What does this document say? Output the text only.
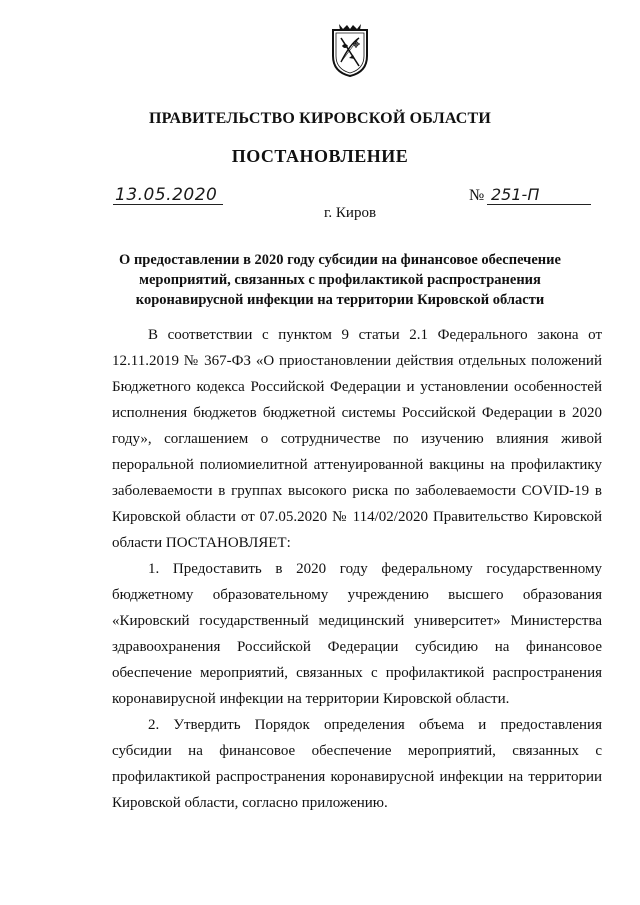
ПРАВИТЕЛЬСТВО КИРОВСКОЙ ОБЛАСТИ
ПОСТАНОВЛЕНИЕ
13.05.2020	№ 251-П
г. Киров
О предоставлении в 2020 году субсидии на финансовое обеспечение мероприятий, связанных с профилактикой распространения коронавирусной инфекции на территории Кировской области

В соответствии с пунктом 9 статьи 2.1 Федерального закона от 12.11.2019 № 367-ФЗ «О приостановлении действия отдельных положений Бюджетного кодекса Российской Федерации и установлении особенностей исполнения бюджетов бюджетной системы Российской Федерации в 2020 году», соглашением о сотрудничестве по изучению влияния живой пероральной полиомиелитной аттенуированной вакцины на профилактику заболеваемости в группах высокого риска по заболеваемости COVID-19 в Кировской области от 07.05.2020 № 114/02/2020 Правительство Кировской области ПОСТАНОВЛЯЕТ:

1. Предоставить в 2020 году федеральному государственному бюджетному образовательному учреждению высшего образования «Кировский государственный медицинский университет» Министерства здравоохранения Российской Федерации субсидию на финансовое обеспечение мероприятий, связанных с профилактикой распространения коронавирусной инфекции на территории Кировской области.

2. Утвердить Порядок определения объема и предоставления субсидии на финансовое обеспечение мероприятий, связанных с профилактикой распространения коронавирусной инфекции на территории Кировской области, согласно приложению.
